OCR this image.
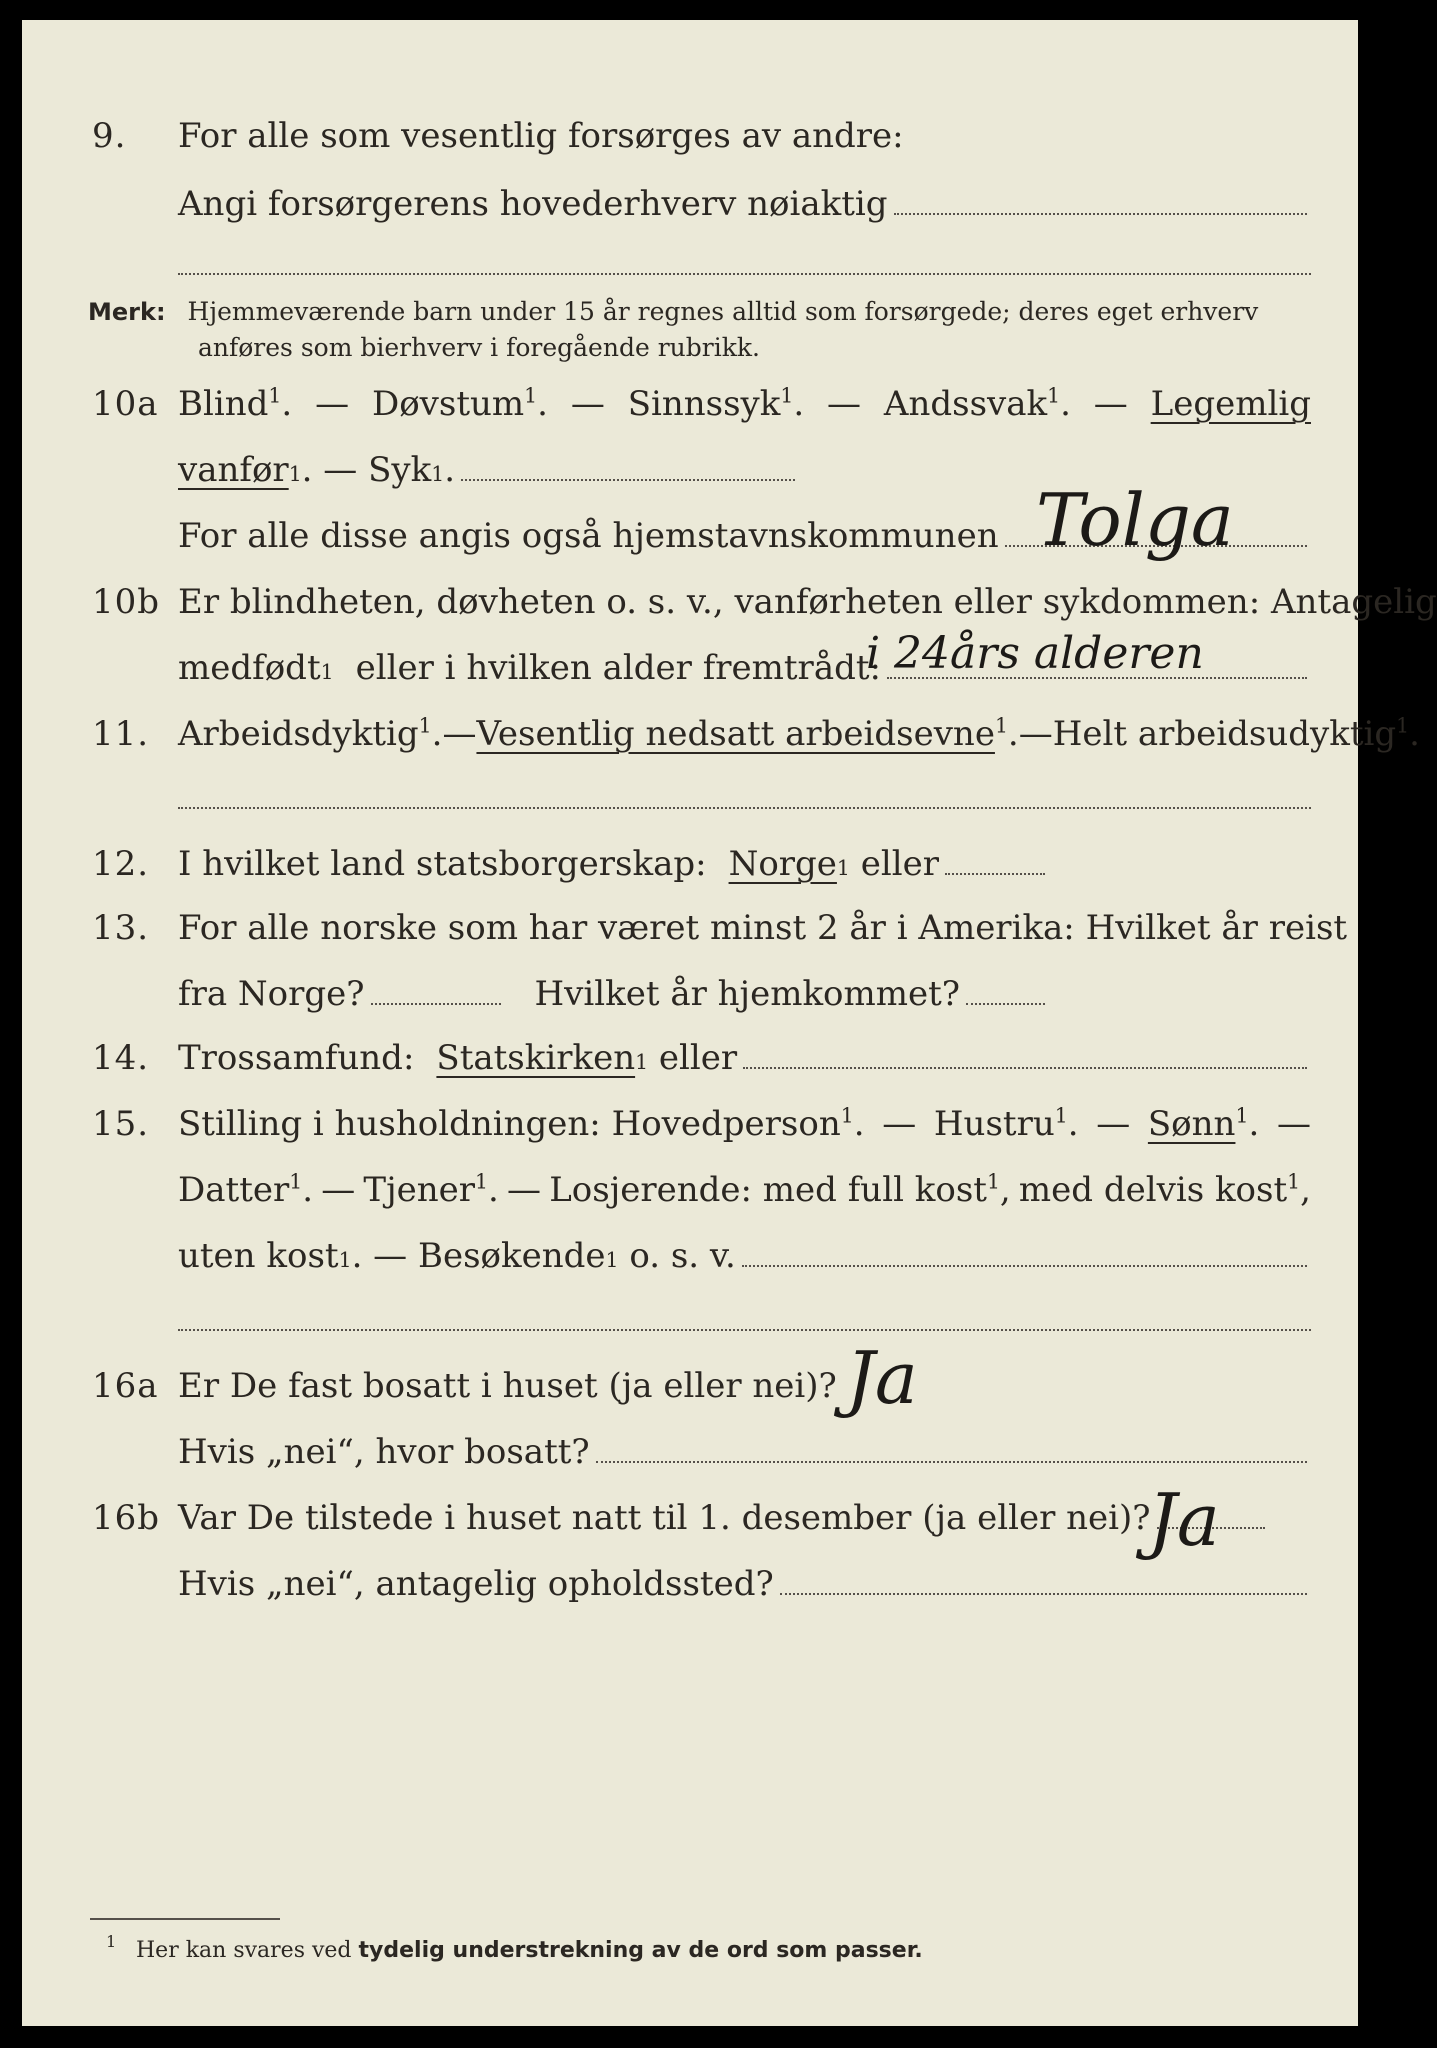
9. For alle som vesentlig forsørges av andre:
Angi forsørgerens hovederhverv nøiaktig
Merk: Hjemmeværende barn under 15 år regnes alltid som forsørgede; deres eget erhverv
anføres som bierhverv i foregående rubrikk.
10a Blind$^1$. — Døvstum$^1$. — Sinnssyk$^1$. — Andssvak$^1$. — Legemlig
vanfør 1 . — Syk 1 .
For alle disse angis også hjemstavnskommunen Tolga
10b Er blindheten, døvheten o. s. v., vanførheten eller sykdommen: Antagelig
medfødt 1 eller i hvilken alder fremtrådt:
i 24års alderen
11. Arbeidsdyktig$^1$. — Vesentlig nedsatt arbeidsevne$^1$. — Helt arbeidsudyktig$^1$.
12. I hvilket land statsborgerskap: Norge 1
eller
13. For alle norske som har været minst 2 år i Amerika: Hvilket år reist
fra Norge?	Hvilket år hjemkommet?
14. Trossamfund: Statskirken 1
eller
15. Stilling i husholdningen: Hovedperson$^1$. — Hustru$^1$. — Sønn$^1$. —
Datter$^1$. — Tjener$^1$. — Losjerende: med full kost$^1$, med delvis kost$^1$,
uten kost 1 . — Besøkende 1
o. s. v.
16a Er De fast bosatt i huset (ja eller nei)? Ja
Hvis „nei“, hvor bosatt?
16b Var De tilstede i huset natt til 1. desember (ja eller nei)?
Ja
Hvis „nei“, antagelig opholdssted?
1 Her kan svares ved tydelig understrekning av de ord som passer.
